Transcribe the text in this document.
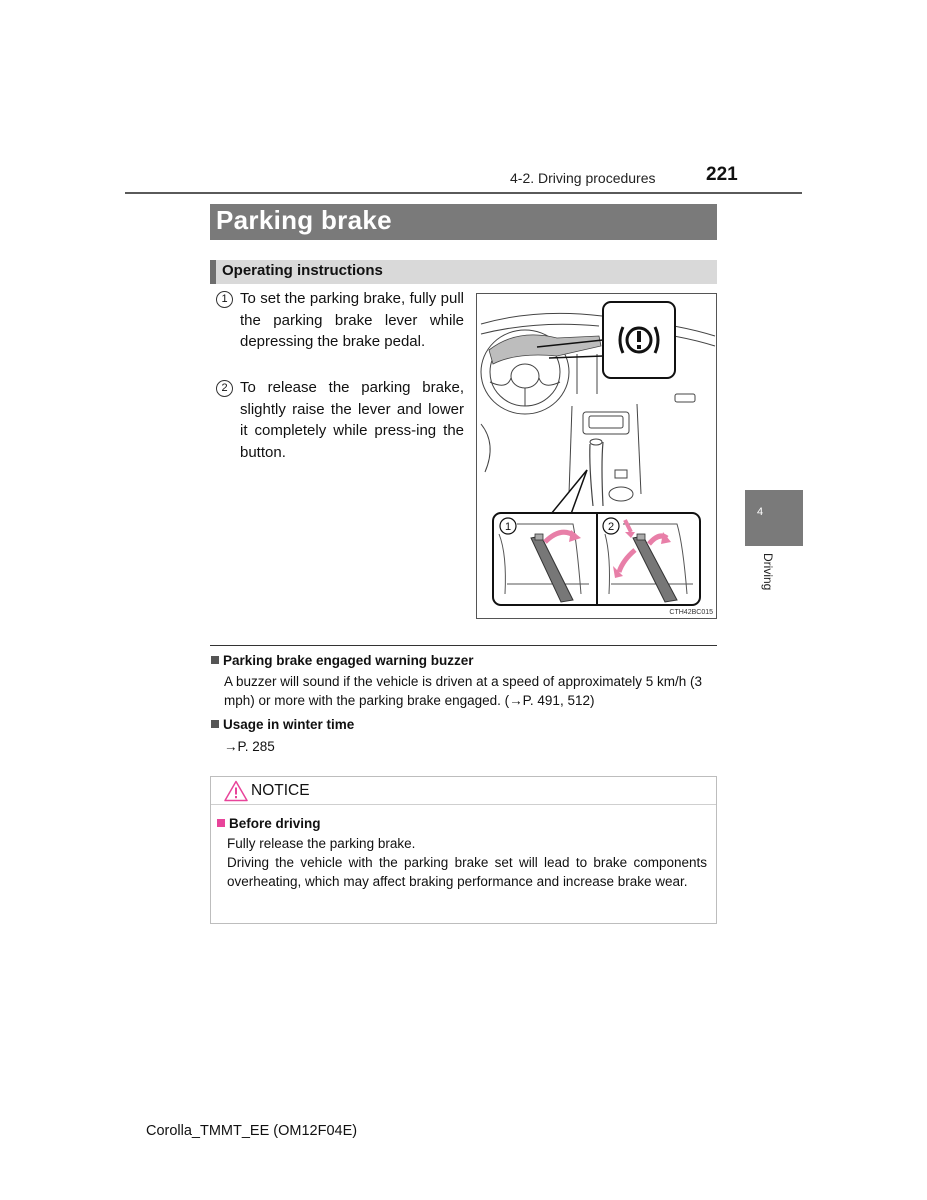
4-2. Driving procedures	221
Parking brake
Operating instructions
1 To set the parking brake, fully pull the parking brake lever while depressing the brake pedal.
2 To release the parking brake, slightly raise the lever and lower it completely while press-ing the button.
1	2
CTH42BC015
Parking brake engaged warning buzzer
A buzzer will sound if the vehicle is driven at a speed of approximately 5 km/h (3 mph) or more with the parking brake engaged. (→P. 491, 512)
Usage in winter time
→P. 285
NOTICE
Before driving
Fully release the parking brake.
Driving the vehicle with the parking brake set will lead to brake components overheating, which may affect braking performance and increase brake wear.
4
Driving
Corolla_TMMT_EE (OM12F04E)
